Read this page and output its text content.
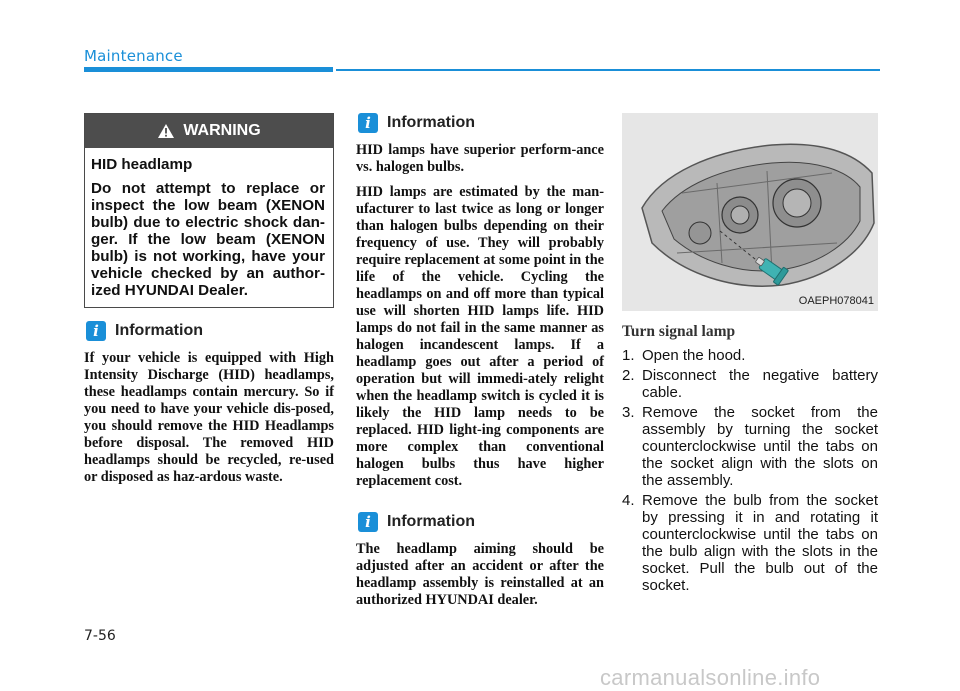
Maintenance
WARNING
HID headlamp
Do not attempt to replace or inspect the low beam (XENON bulb) due to electric shock dan-ger. If the low beam (XENON bulb) is not working, have your vehicle checked by an author-ized HYUNDAI Dealer.
i	Information

If your vehicle is equipped with High Intensity Discharge (HID) headlamps, these headlamps contain mercury. So if you need to have your vehicle dis-posed, you should remove the HID Headlamps before disposal. The removed HID headlamps should be recycled, re-used or disposed as haz-ardous waste.

i	Information

HID lamps have superior perform-ance vs. halogen bulbs.

HID lamps are estimated by the man-ufacturer to last twice as long or longer than halogen bulbs depending on their frequency of use. They will probably require replacement at some point in the life of the vehicle. Cycling the headlamps on and off more than typical use will shorten HID lamps life. HID lamps do not fail in the same manner as halogen incandescent lamps. If a headlamp goes out after a period of operation but will immedi-ately relight when the headlamp switch is cycled it is likely the HID lamp needs to be replaced. HID light-ing components are more complex than conventional halogen bulbs thus have higher replacement cost.

i	Information

The headlamp aiming should be adjusted after an accident or after the headlamp assembly is reinstalled at an authorized HYUNDAI dealer.

OAEPH078041
Turn signal lamp
1. Open the hood.
2. Disconnect the negative battery cable.
3. Remove the socket from the assembly by turning the socket counterclockwise until the tabs on the socket align with the slots on the assembly.
4. Remove the bulb from the socket by pressing it in and rotating it counterclockwise until the tabs on the bulb align with the slots in the socket. Pull the bulb out of the socket.
7-56
carmanualsonline.info
